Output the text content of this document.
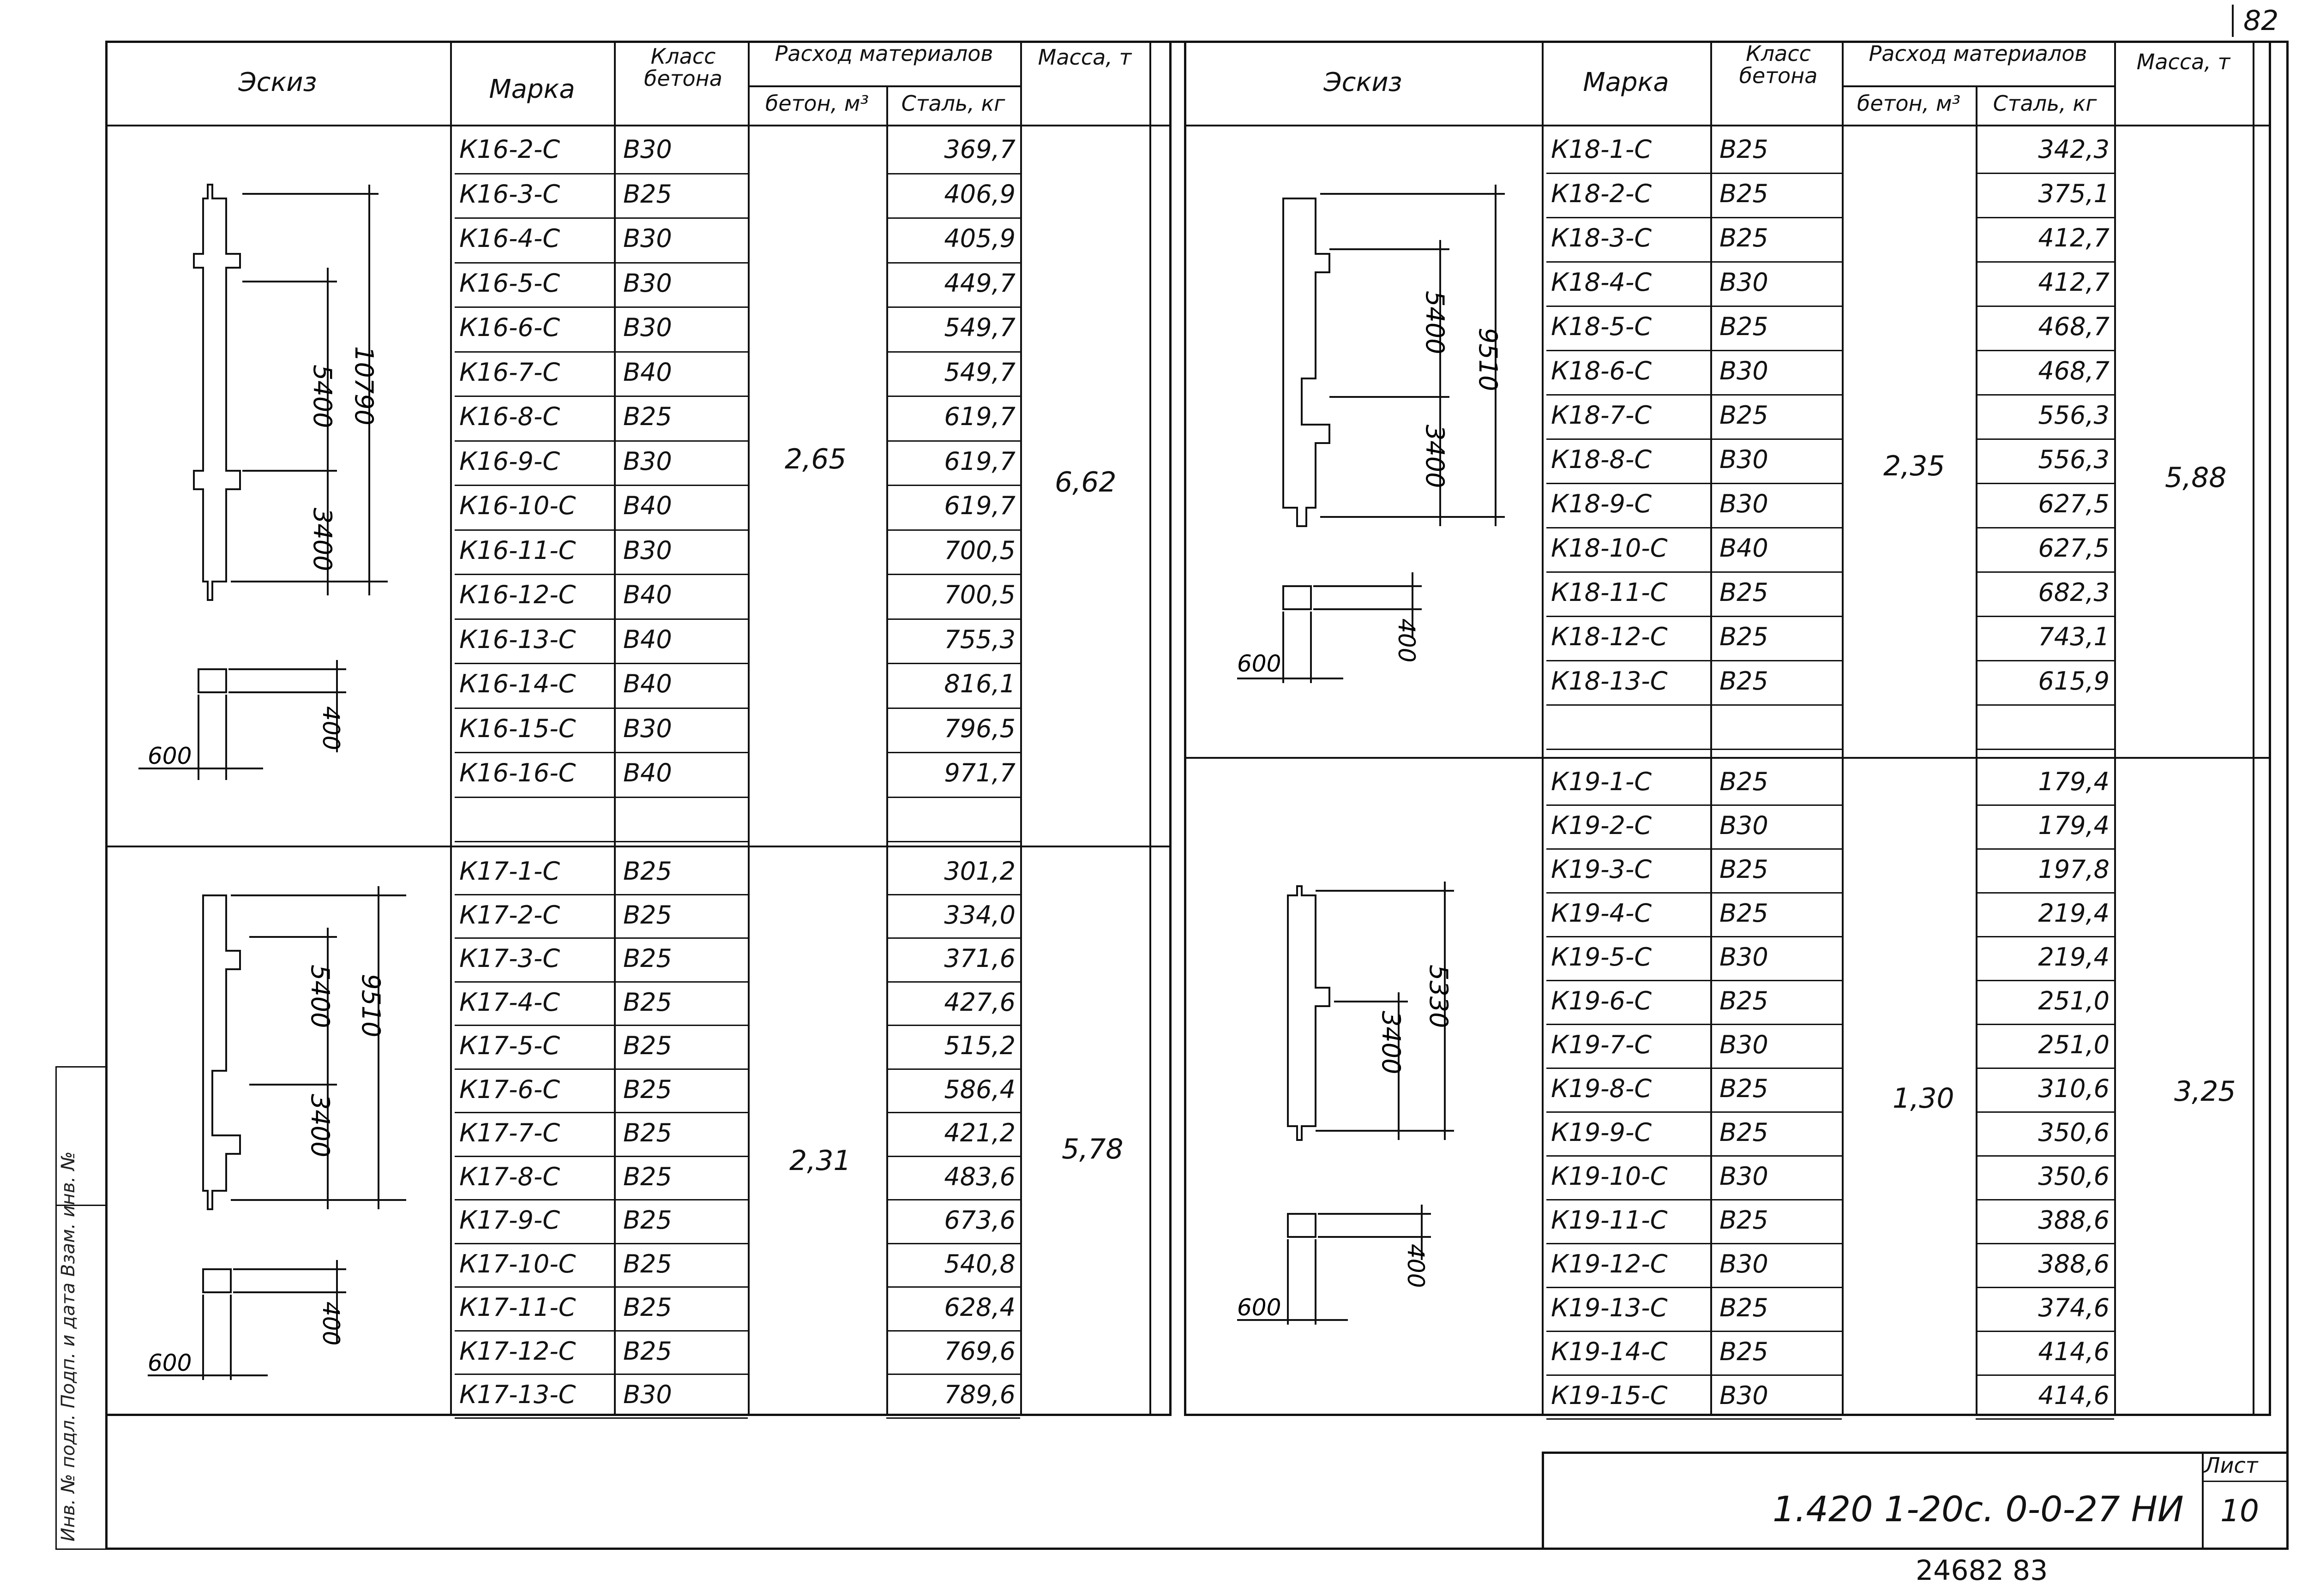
82
Инв. № подл. Подп. и дата Взам. инв. №
Эскиз	Марка
Класс бетона
Расход материалов
бетон, м³	Сталь, кг
Масса, т
К16-2-С	В30	369,7
К16-3-С	В25	406,9
К16-4-С	В30	405,9
К16-5-С	В30	449,7
К16-6-С	В30	549,7
К16-7-С	В40	549,7
К16-8-С	В25	619,7
К16-9-С	В30	619,7
К16-10-С	В40	619,7
К16-11-С	В30	700,5
К16-12-С	В40	700,5
К16-13-С	В40	755,3
К16-14-С	В40	816,1
К16-15-С	В30	796,5
К16-16-С	В40	971,7
К17-1-С	В25	301,2
К17-2-С	В25	334,0
К17-3-С	В25	371,6
К17-4-С	В25	427,6
К17-5-С	В25	515,2
К17-6-С	В25	586,4
К17-7-С	В25	421,2
К17-8-С	В25	483,6
К17-9-С	В25	673,6
К17-10-С	В25	540,8
К17-11-С	В25	628,4
К17-12-С	В25	769,6
К17-13-С	В30	789,6
2,65
6,62
2,31	5,78
5400
3400
10790
400
600
5400
3400
9510
400
600
Эскиз	Марка
Класс бетона
Расход материалов
бетон, м³	Сталь, кг
Масса, т
К18-1-С	В25	342,3
К18-2-С	В25	375,1
К18-3-С	В25	412,7
К18-4-С	В30	412,7
К18-5-С	В25	468,7
К18-6-С	В30	468,7
К18-7-С	В25	556,3
К18-8-С	В30	556,3
К18-9-С	В30	627,5
К18-10-С	В40	627,5
К18-11-С	В25	682,3
К18-12-С	В25	743,1
К18-13-С	В25	615,9
К19-1-С	В25	179,4
К19-2-С	В30	179,4
К19-3-С	В25	197,8
К19-4-С	В25	219,4
К19-5-С	В30	219,4
К19-6-С	В25	251,0
К19-7-С	В30	251,0
К19-8-С	В25	310,6
К19-9-С	В25	350,6
К19-10-С	В30	350,6
К19-11-С	В25	388,6
К19-12-С	В30	388,6
К19-13-С	В25	374,6
К19-14-С	В25	414,6
К19-15-С	В30	414,6
2,35	5,88
1,30	3,25
5400
3400
9510
400
600
3400
5330
400
600
1.420 1-20с. 0-0-27 НИ
Лист
10
24682 83
